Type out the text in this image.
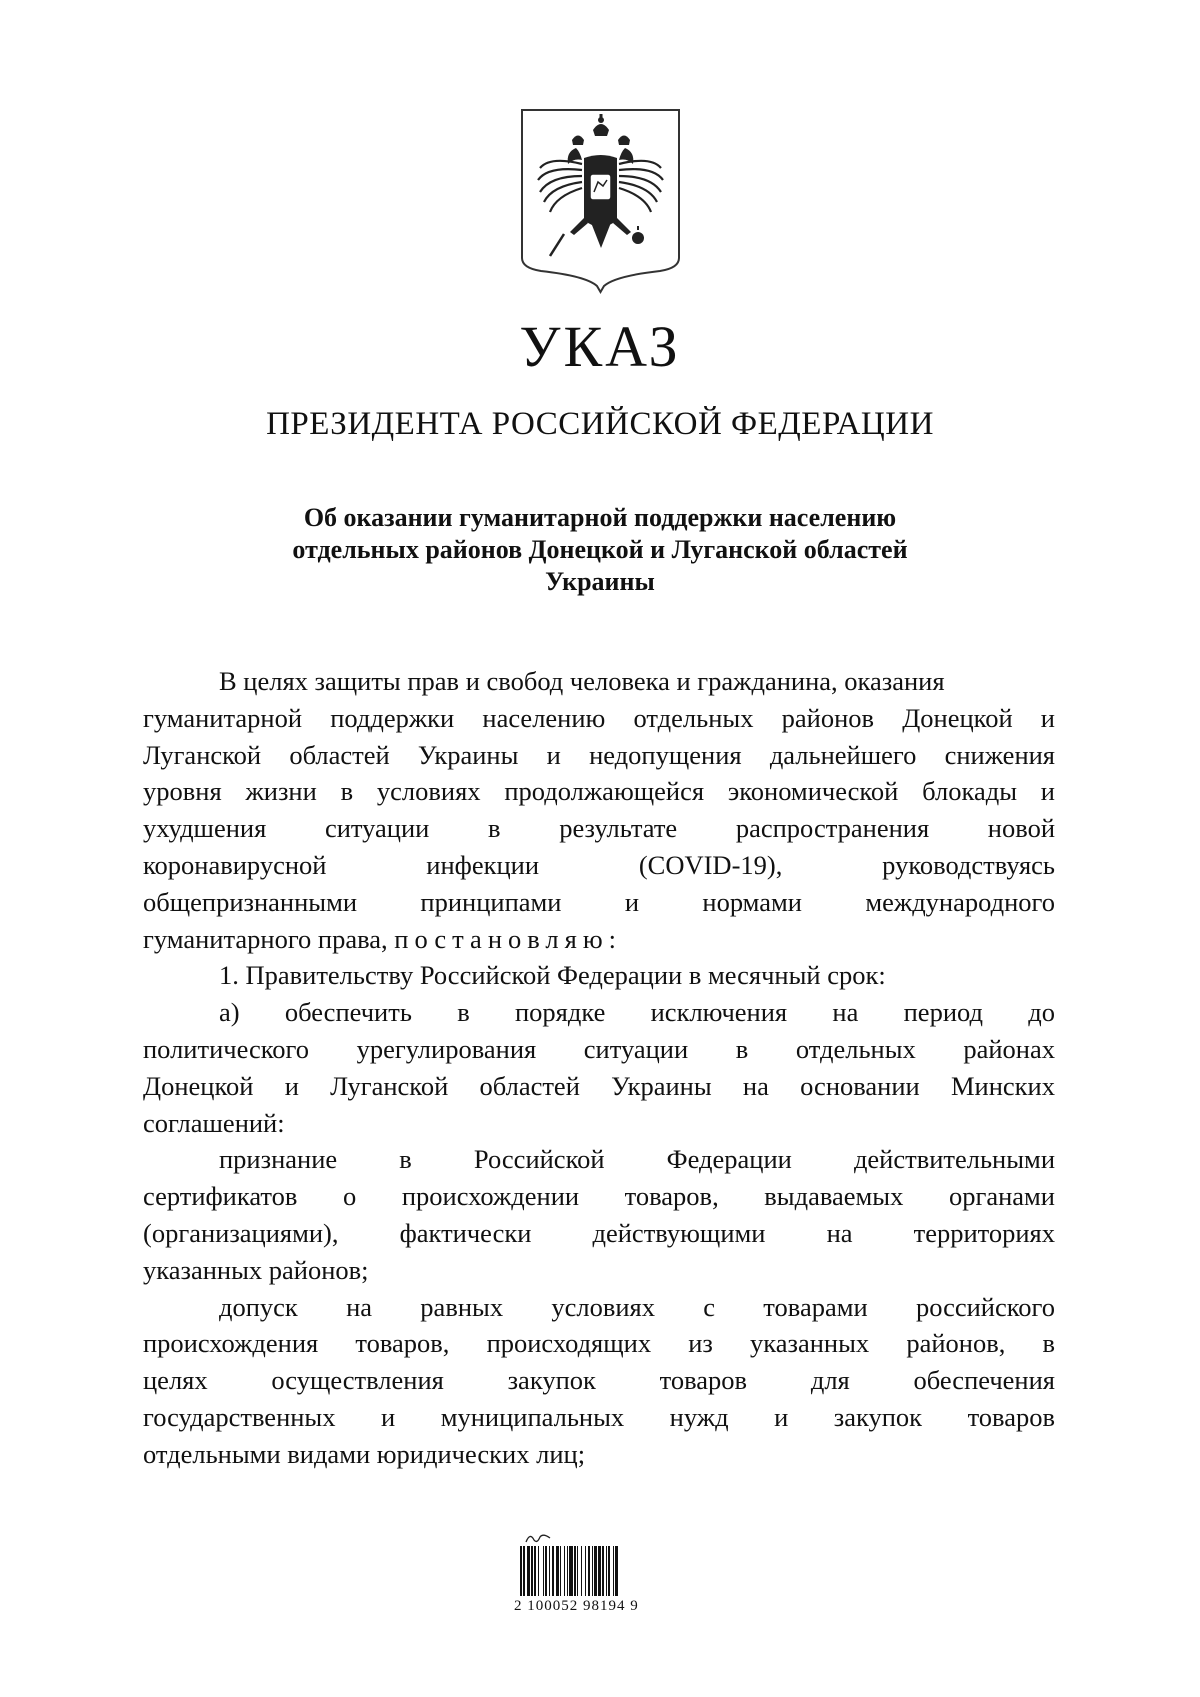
УКАЗ
ПРЕЗИДЕНТА РОССИЙСКОЙ ФЕДЕРАЦИИ
Об оказании гуманитарной поддержки населению
отдельных районов Донецкой и Луганской областей
Украины
В целях защиты прав и свобод человека и гражданина, оказания
гуманитарной поддержки населению отдельных районов Донецкой и
Луганской областей Украины и недопущения дальнейшего снижения
уровня жизни в условиях продолжающейся экономической блокады и
ухудшения ситуации в результате распространения новой
коронавирусной инфекции (COVID-19), руководствуясь
общепризнанными принципами и нормами международного
гуманитарного права, постановляю:
1. Правительству Российской Федерации в месячный срок:
а) обеспечить в порядке исключения на период до
политического урегулирования ситуации в отдельных районах
Донецкой и Луганской областей Украины на основании Минских
соглашений:
признание в Российской Федерации действительными
сертификатов о происхождении товаров, выдаваемых органами
(организациями), фактически действующими на территориях
указанных районов;
допуск на равных условиях с товарами российского
происхождения товаров, происходящих из указанных районов, в
целях осуществления закупок товаров для обеспечения
государственных и муниципальных нужд и закупок товаров
отдельными видами юридических лиц;
2 100052 98194 9
